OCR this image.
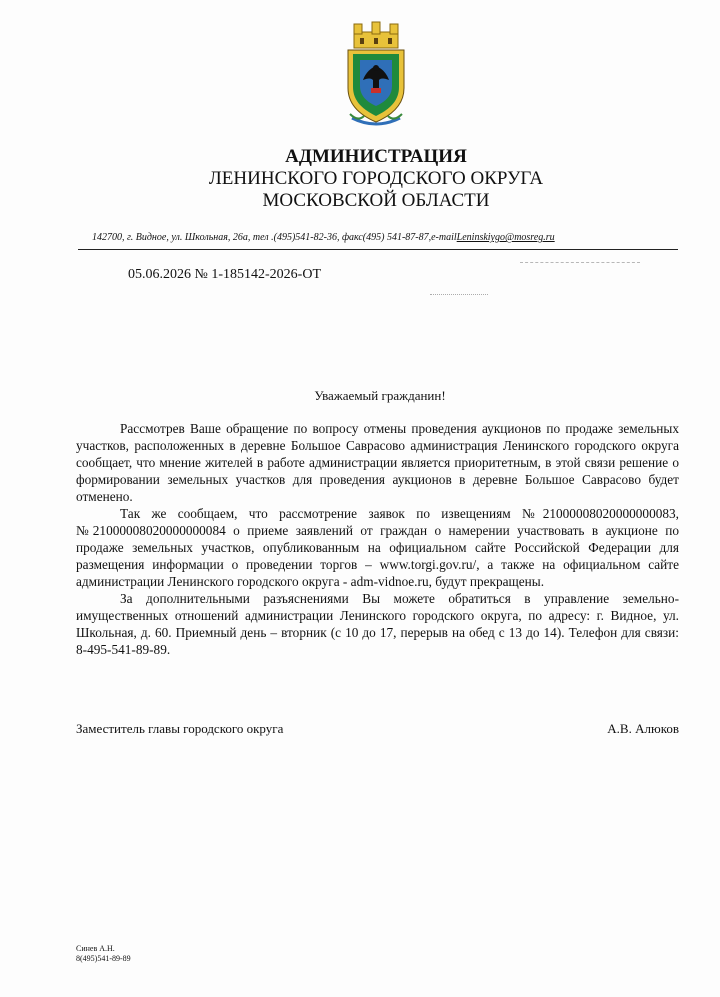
АДМИНИСТРАЦИЯ
ЛЕНИНСКОГО ГОРОДСКОГО ОКРУГА
МОСКОВСКОЙ ОБЛАСТИ
142700, г. Видное, ул. Школьная, 26а, тел .(495)541-82-36, факс(495) 541-87-87,e-mailLeninskiygo@mosreg.ru
05.06.2026 № 1-185142-2026-ОТ
Уважаемый гражданин!

Рассмотрев Ваше обращение по вопросу отмены проведения аукционов по продаже земельных участков, расположенных в деревне Большое Саврасово администрация Ленинского городского округа сообщает, что мнение жителей в работе администрации является приоритетным, в этой связи решение о формировании земельных участков для проведения аукционов в деревне Большое Саврасово будет отменено.

Так же сообщаем, что рассмотрение заявок по извещениям №21000008020000000083, №21000008020000000084 о приеме заявлений от граждан о намерении участвовать в аукционе по продаже земельных участков, опубликованным на официальном сайте Российской Федерации для размещения информации о проведении торгов – www.torgi.gov.ru/, а также на официальном сайте администрации Ленинского городского округа - adm-vidnoe.ru, будут прекращены.

За дополнительными разъяснениями Вы можете обратиться в управление земельно-имущественных отношений администрации Ленинского городского округа, по адресу: г. Видное, ул. Школьная, д. 60. Приемный день – вторник (с 10 до 17, перерыв на обед с 13 до 14). Телефон для связи: 8-495-541-89-89.

Заместитель главы городского округа	А.В. Алюков
Синев А.Н.
8(495)541-89-89
